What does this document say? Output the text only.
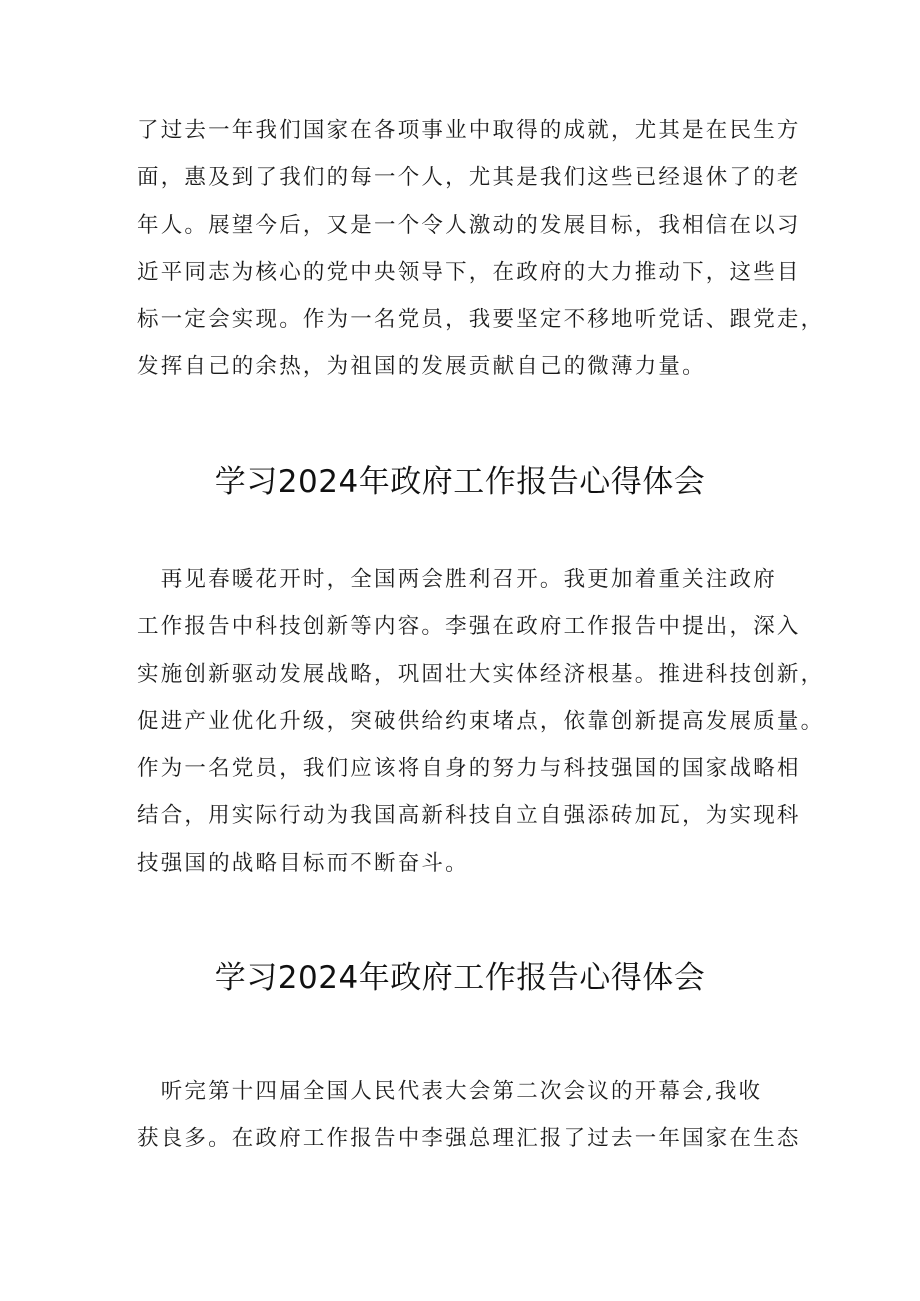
了过去一年我们国家在各项事业中取得的成就，尤其是在民生方
面，惠及到了我们的每一个人，尤其是我们这些已经退休了的老
年人。展望今后，又是一个令人激动的发展目标，我相信在以习
近平同志为核心的党中央领导下，在政府的大力推动下，这些目
标一定会实现。作为一名党员，我要坚定不移地听党话、跟党走，
发挥自己的余热，为祖国的发展贡献自己的微薄力量。
学习2024年政府工作报告心得体会
　再见春暖花开时，全国两会胜利召开。我更加着重关注政府
工作报告中科技创新等内容。李强在政府工作报告中提出，深入
实施创新驱动发展战略，巩固壮大实体经济根基。推进科技创新，
促进产业优化升级，突破供给约束堵点，依靠创新提高发展质量。
作为一名党员，我们应该将自身的努力与科技强国的国家战略相
结合，用实际行动为我国高新科技自立自强添砖加瓦，为实现科
技强国的战略目标而不断奋斗。
学习2024年政府工作报告心得体会
　听完第十四届全国人民代表大会第二次会议的开幕会,我收
获良多。在政府工作报告中李强总理汇报了过去一年国家在生态
